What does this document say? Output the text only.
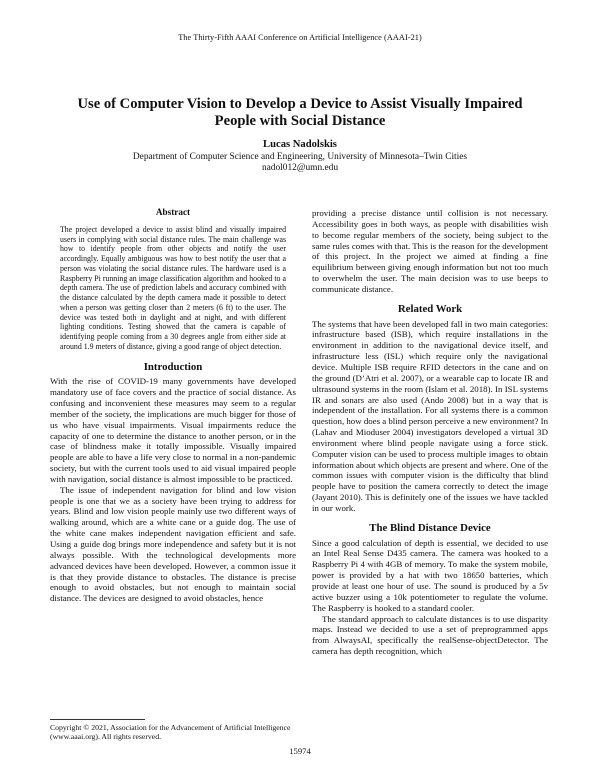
The Thirty-Fifth AAAI Conference on Artificial Intelligence (AAAI-21)
Use of Computer Vision to Develop a Device to Assist Visually Impaired People with Social Distance
Lucas Nadolskis
Department of Computer Science and Engineering, University of Minnesota–Twin Cities
nadol012@umn.edu
Abstract

The project developed a device to assist blind and visually impaired users in complying with social distance rules. The main challenge was how to identify people from other objects and notify the user accordingly. Equally ambiguous was how to best notify the user that a person was violating the social distance rules. The hardware used is a Raspberry Pi running an image classification algorithm and hooked to a depth camera. The use of prediction labels and accuracy combined with the distance calculated by the depth camera made it possible to detect when a person was getting closer than 2 meters (6 ft) to the user. The device was tested both in daylight and at night, and with different lighting conditions. Testing showed that the camera is capable of identifying people coming from a 30 degrees angle from either side at around 1.9 meters of distance, giving a good range of object detection.

Introduction

With the rise of COVID-19 many governments have developed mandatory use of face covers and the practice of social distance. As confusing and inconvenient these measures may seem to a regular member of the society, the implications are much bigger for those of us who have visual impairments. Visual impairments reduce the capacity of one to determine the distance to another person, or in the case of blindness make it totally impossible. Visually impaired people are able to have a life very close to normal in a non-pandemic society, but with the current tools used to aid visual impaired people with navigation, social distance is almost impossible to be practiced.

The issue of independent navigation for blind and low vision people is one that we as a society have been trying to address for years. Blind and low vision people mainly use two different ways of walking around, which are a white cane or a guide dog. The use of the white cane makes independent navigation efficient and safe. Using a guide dog brings more independence and safety but it is not always possible. With the technological developments more advanced devices have been developed. However, a common issue it is that they provide distance to obstacles. The distance is precise enough to avoid obstacles, but not enough to maintain social distance. The devices are designed to avoid obstacles, hence

providing a precise distance until collision is not necessary. Accessibility goes in both ways, as people with disabilities wish to become regular members of the society, being subject to the same rules comes with that. This is the reason for the development of this project. In the project we aimed at finding a fine equilibrium between giving enough information but not too much to overwhelm the user. The main decision was to use beeps to communicate distance.

Related Work

The systems that have been developed fall in two main categories: infrastructure based (ISB), which require installations in the environment in addition to the navigational device itself, and infrastructure less (ISL) which require only the navigational device. Multiple ISB require RFID detectors in the cane and on the ground (D’Atri et al. 2007), or a wearable cap to locate IR and ultrasound systems in the room (Islam et al. 2018). In ISL systems IR and sonars are also used (Ando 2008) but in a way that is independent of the installation. For all systems there is a common question, how does a blind person perceive a new environment? In (Lahav and Mioduser 2004) investigators developed a virtual 3D environment where blind people navigate using a force stick. Computer vision can be used to process multiple images to obtain information about which objects are present and where. One of the common issues with computer vision is the difficulty that blind people have to position the camera correctly to detect the image (Jayant 2010). This is definitely one of the issues we have tackled in our work.

The Blind Distance Device

Since a good calculation of depth is essential, we decided to use an Intel Real Sense D435 camera. The camera was hooked to a Raspberry Pi 4 with 4GB of memory. To make the system mobile, power is provided by a hat with two 18650 batteries, which provide at least one hour of use. The sound is produced by a 5v active buzzer using a 10k potentiometer to regulate the volume. The Raspberry is hooked to a standard cooler.

The standard approach to calculate distances is to use disparity maps. Instead we decided to use a set of preprogrammed apps from AlwaysAI, specifically the realSense-objectDetector. The camera has depth recognition, which

Copyright © 2021, Association for the Advancement of Artificial Intelligence (www.aaai.org). All rights reserved.
15974
